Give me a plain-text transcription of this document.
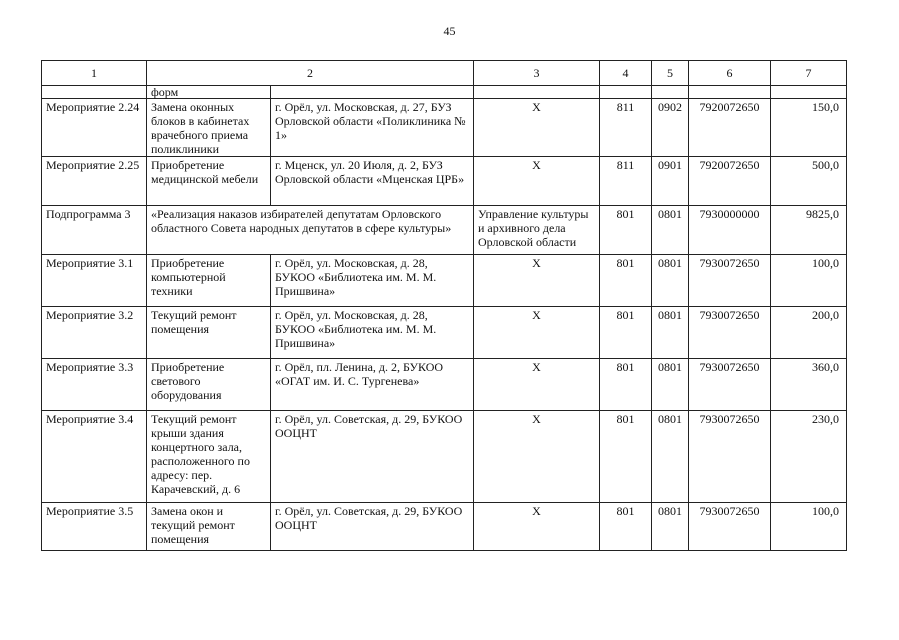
45
1	2		3	4	5	6	7
	форм						
Мероприятие 2.24	Замена оконных блоков в кабинетах врачебного приема поликлиники	г. Орёл, ул. Московская, д. 27, БУЗ Орловской области «Поликлиника № 1»	Х	811	0902	7920072650	150,0
Мероприятие 2.25	Приобретение медицинской мебели	г. Мценск, ул. 20 Июля, д. 2, БУЗ Орловской области «Мценская ЦРБ»	Х	811	0901	7920072650	500,0
Подпрограмма 3	«Реализация наказов избирателей депутатам Орловского областного Совета народных депутатов в сфере культуры»		Управление культуры и архивного дела Орловской области	801	0801	7930000000	9825,0
Мероприятие 3.1	Приобретение компьютерной техники	г. Орёл, ул. Московская, д. 28, БУКОО «Библиотека им. М. М. Пришвина»	Х	801	0801	7930072650	100,0
Мероприятие 3.2	Текущий ремонт помещения	г. Орёл, ул. Московская, д. 28, БУКОО «Библиотека им. М. М. Пришвина»	Х	801	0801	7930072650	200,0
Мероприятие 3.3	Приобретение светового оборудования	г. Орёл, пл. Ленина, д. 2, БУКОО «ОГАТ им. И. С. Тургенева»	Х	801	0801	7930072650	360,0
Мероприятие 3.4	Текущий ремонт крыши здания концертного зала, расположенного по адресу: пер. Карачевский, д. 6	г. Орёл, ул. Советская, д. 29, БУКОО ООЦНТ	Х	801	0801	7930072650	230,0
Мероприятие 3.5	Замена окон и текущий ремонт помещения	г. Орёл, ул. Советская, д. 29, БУКОО ООЦНТ	Х	801	0801	7930072650	100,0
